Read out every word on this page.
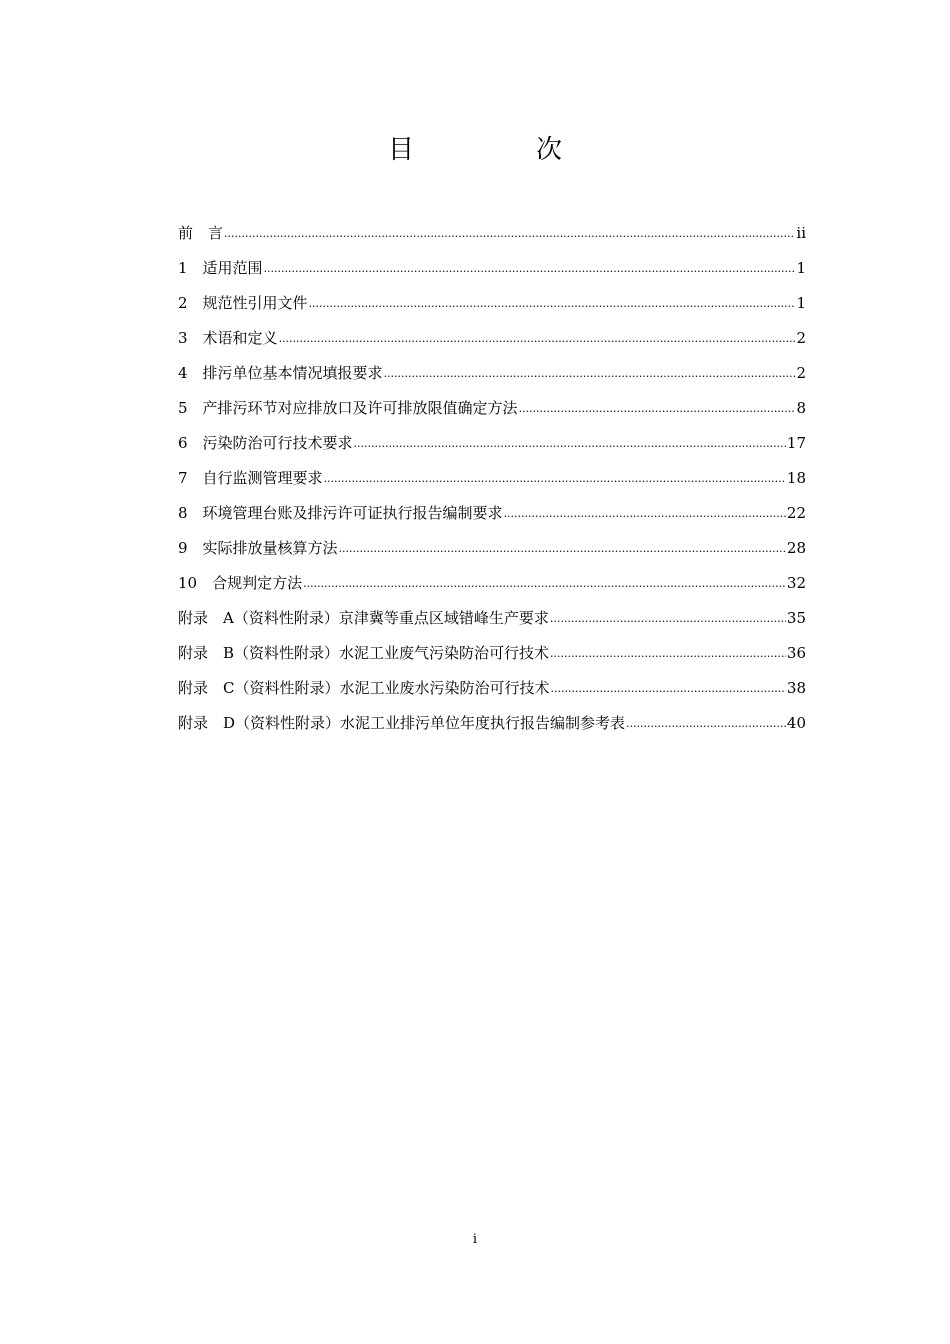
目　次
前　言 .....	ii
1 适用范围 .....	1
2 规范性引用文件 .....	1
3 术语和定义 .....	2
4 排污单位基本情况填报要求 .....	2
5 产排污环节对应排放口及许可排放限值确定方法 .....	8
6 污染防治可行技术要求 .....	17
7 自行监测管理要求 .....	18
8 环境管理台账及排污许可证执行报告编制要求 .....	22
9 实际排放量核算方法 .....	28
10 合规判定方法 .....	32
附录　A （资料性附录）京津冀等重点区域错峰生产要求 .....	35
附录　B （资料性附录）水泥工业废气污染防治可行技术 .....	36
附录　C （资料性附录）水泥工业废水污染防治可行技术 .....	38
附录　D （资料性附录）水泥工业排污单位年度执行报告编制参考表 .....	40
i
